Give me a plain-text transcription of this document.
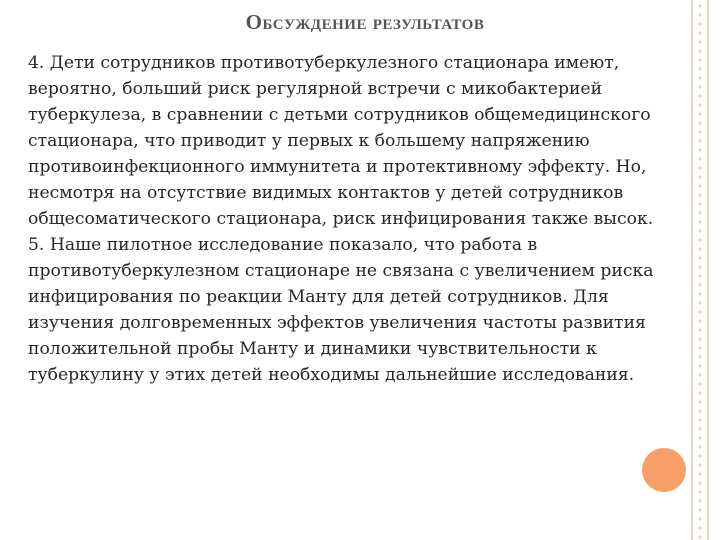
Обсуждение результатов

4. Дети сотрудников противотуберкулезного стационара имеют, вероятно, больший риск регулярной встречи с микобактерией туберкулеза, в сравнении с детьми сотрудников общемедицинского стационара, что приводит у первых к большему напряжению противоинфекционного иммунитета и протективному эффекту. Но, несмотря на отсутствие видимых контактов у детей сотрудников общесоматического стационара, риск инфицирования также высок.

5. Наше пилотное исследование показало, что работа в противотуберкулезном стационаре не связана с увеличением риска инфицирования по реакции Манту для детей сотрудников. Для изучения долговременных эффектов увеличения частоты развития положительной пробы Манту и динамики чувствительности к туберкулину у этих детей необходимы дальнейшие исследования.
